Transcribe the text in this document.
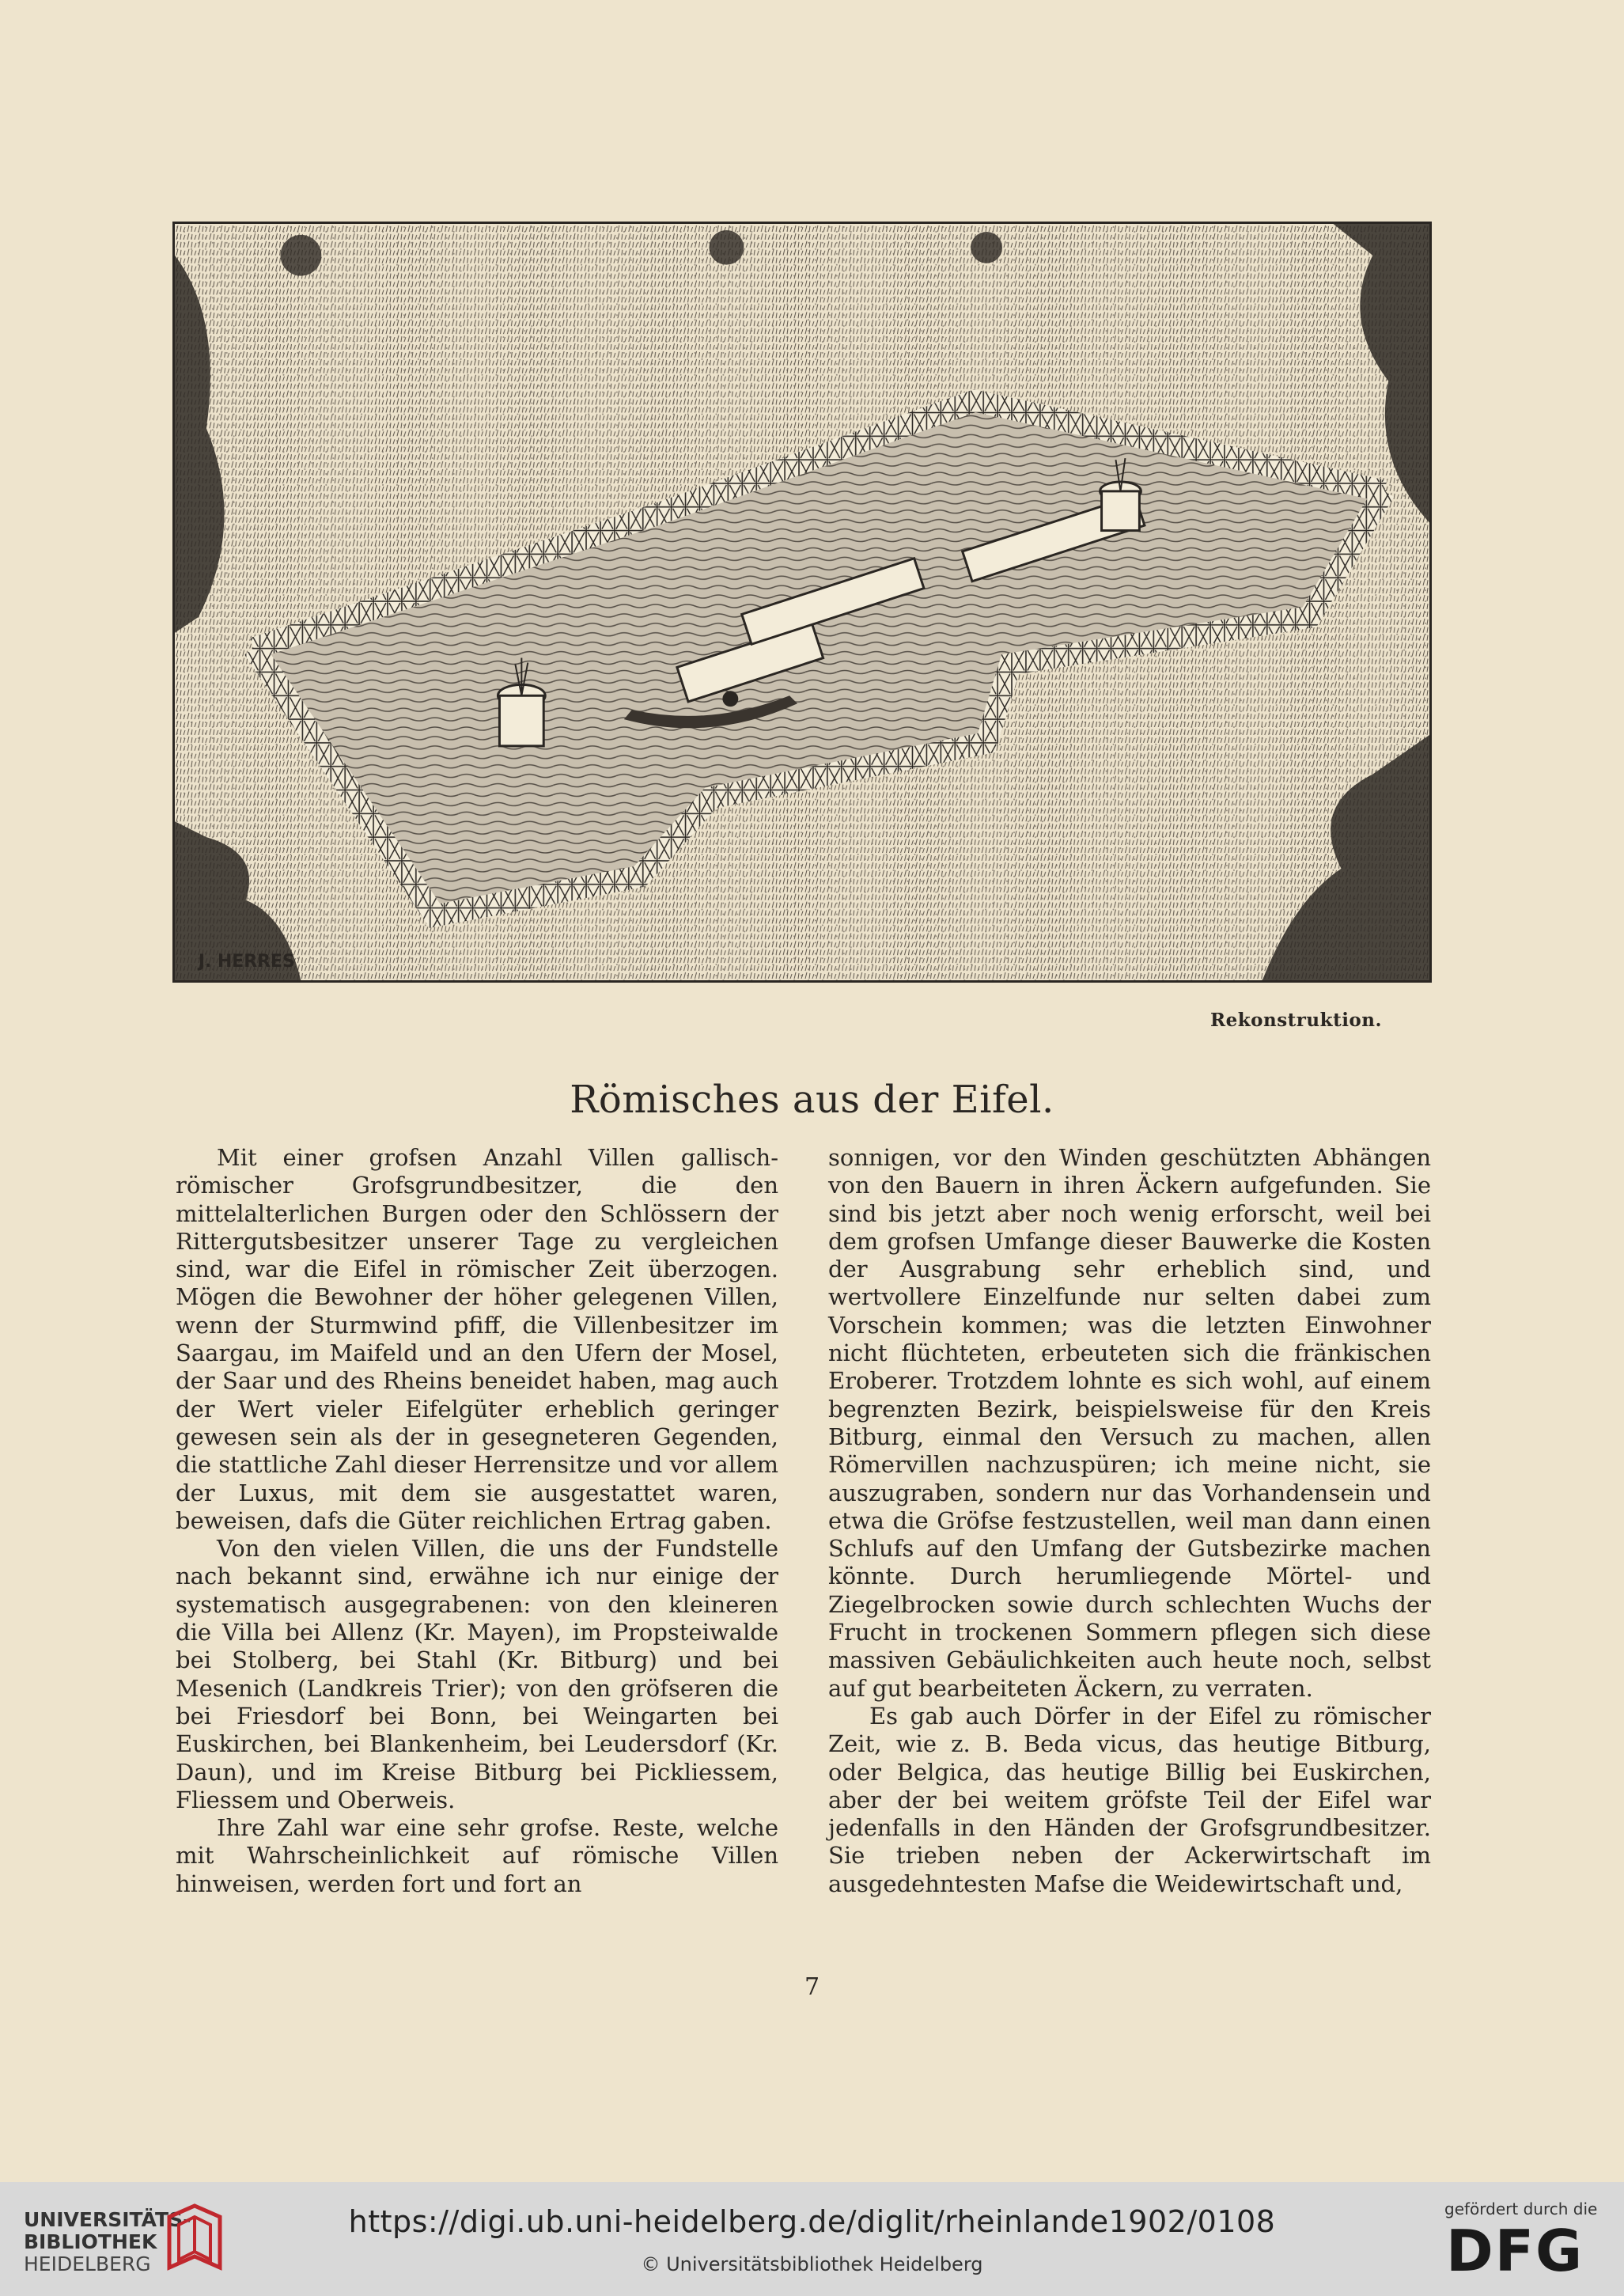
J. HERRES
Rekonstruktion.
Römisches aus der Eifel.

Mit einer grofsen Anzahl Villen gallisch-römischer Grofsgrundbesitzer, die den mittelalterlichen Burgen oder den Schlössern der Rittergutsbesitzer unserer Tage zu vergleichen sind, war die Eifel in römischer Zeit überzogen. Mögen die Bewohner der höher gelegenen Villen, wenn der Sturmwind pfiff, die Villenbesitzer im Saargau, im Maifeld und an den Ufern der Mosel, der Saar und des Rheins beneidet haben, mag auch der Wert vieler Eifelgüter erheblich geringer gewesen sein als der in gesegneteren Gegenden, die stattliche Zahl dieser Herrensitze und vor allem der Luxus, mit dem sie ausgestattet waren, beweisen, dafs die Güter reichlichen Ertrag gaben.

Von den vielen Villen, die uns der Fundstelle nach bekannt sind, erwähne ich nur einige der systematisch ausgegrabenen: von den kleineren die Villa bei Allenz (Kr. Mayen), im Propsteiwalde bei Stolberg, bei Stahl (Kr. Bitburg) und bei Mesenich (Landkreis Trier); von den gröfseren die bei Friesdorf bei Bonn, bei Weingarten bei Euskirchen, bei Blankenheim, bei Leudersdorf (Kr. Daun), und im Kreise Bitburg bei Pickliessem, Fliessem und Oberweis.

Ihre Zahl war eine sehr grofse. Reste, welche mit Wahrscheinlichkeit auf römische Villen hinweisen, werden fort und fort an

sonnigen, vor den Winden geschützten Abhängen von den Bauern in ihren Äckern aufgefunden. Sie sind bis jetzt aber noch wenig erforscht, weil bei dem grofsen Umfange dieser Bauwerke die Kosten der Ausgrabung sehr erheblich sind, und wertvollere Einzelfunde nur selten dabei zum Vorschein kommen; was die letzten Einwohner nicht flüchteten, erbeuteten sich die fränkischen Eroberer. Trotzdem lohnte es sich wohl, auf einem begrenzten Bezirk, beispielsweise für den Kreis Bitburg, einmal den Versuch zu machen, allen Römervillen nachzuspüren; ich meine nicht, sie auszugraben, sondern nur das Vorhandensein und etwa die Gröfse festzustellen, weil man dann einen Schlufs auf den Umfang der Gutsbezirke machen könnte. Durch herumliegende Mörtel- und Ziegelbrocken sowie durch schlechten Wuchs der Frucht in trockenen Sommern pflegen sich diese massiven Gebäulichkeiten auch heute noch, selbst auf gut bearbeiteten Äckern, zu verraten.

Es gab auch Dörfer in der Eifel zu römischer Zeit, wie z. B. Beda vicus, das heutige Bitburg, oder Belgica, das heutige Billig bei Euskirchen, aber der bei weitem gröfste Teil der Eifel war jedenfalls in den Händen der Grofsgrundbesitzer. Sie trieben neben der Ackerwirtschaft im ausgedehntesten Mafse die Weidewirtschaft und,

7
UNIVERSITÄTS-
BIBLIOTHEK
HEIDELBERG
https://digi.ub.uni-heidelberg.de/diglit/rheinlande1902/0108
© Universitätsbibliothek Heidelberg
gefördert durch die
DFG
